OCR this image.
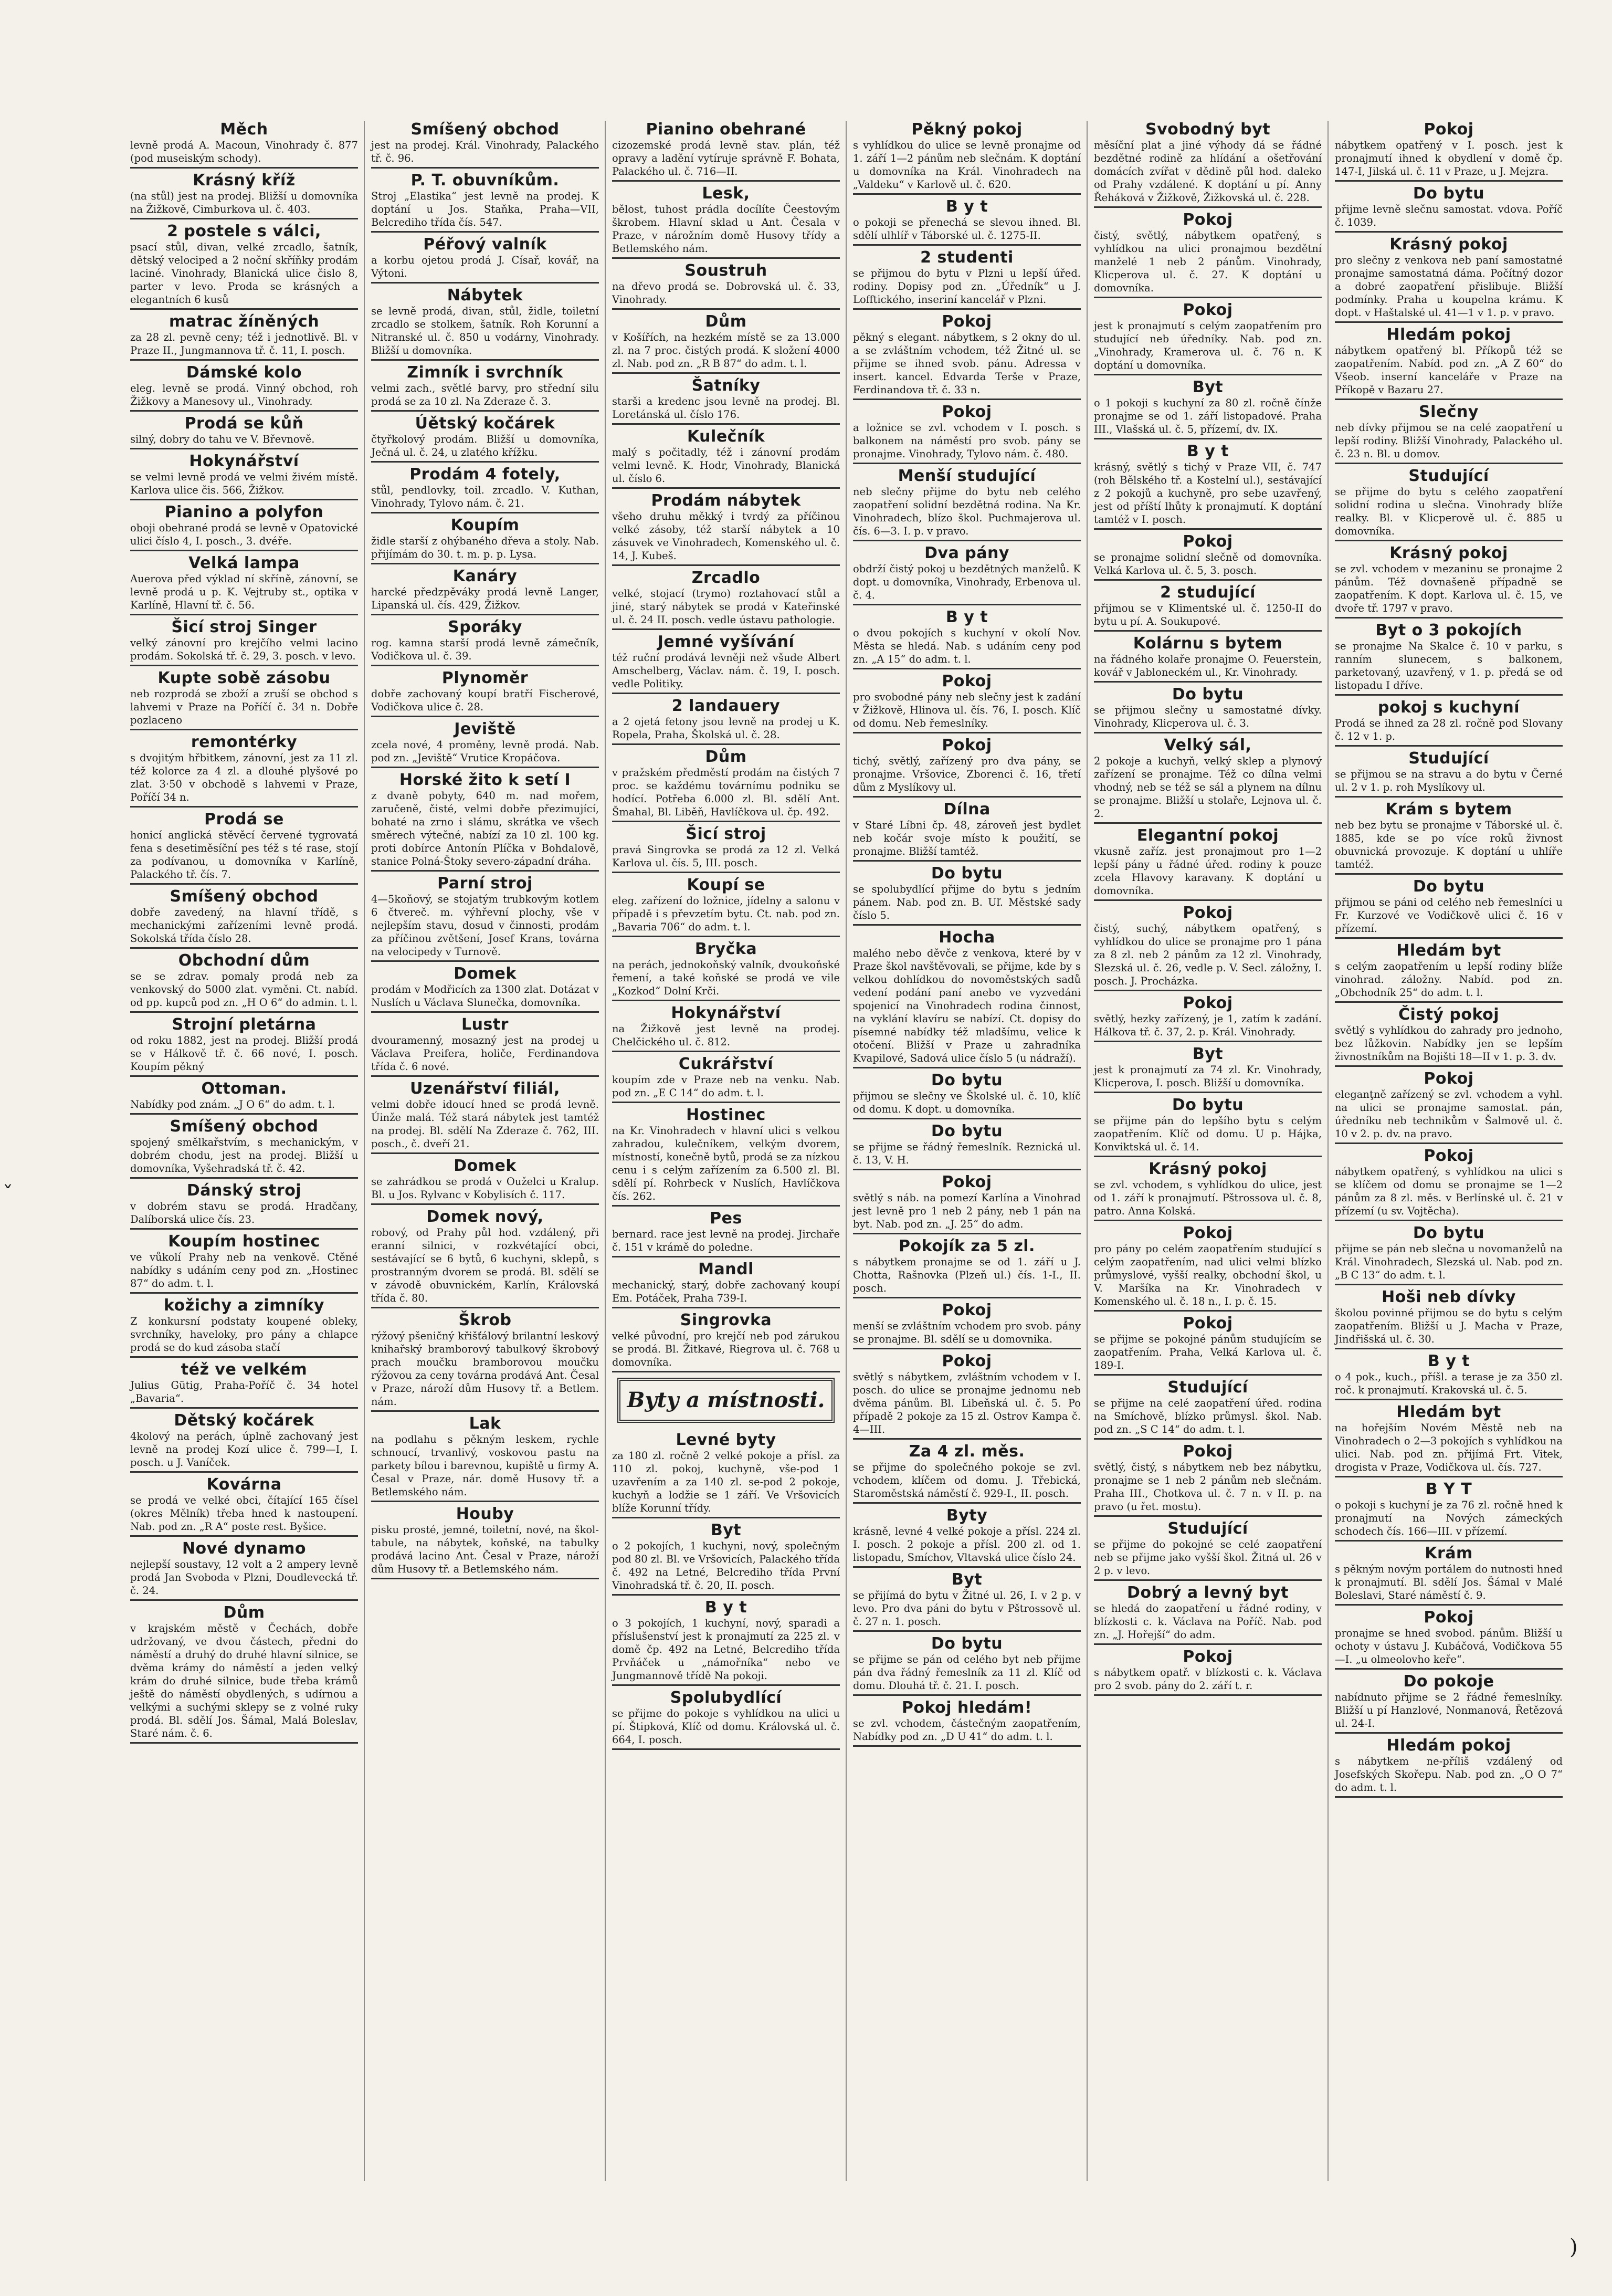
Měch
levně prodá A. Macoun, Vinohrady č. 877 (pod museiským schody).
Krásný kříž
(na stůl) jest na prodej. Bližší u domovníka na Žižkově, Cimburkova ul. č. 403.
2 postele s válci,
psací stůl, divan, velké zrcadlo, šatník, dětský velociped a 2 noční skříňky prodám laciné. Vinohrady, Blanická ulice čislo 8, parter v levo. Proda se krásných a elegantních 6 kusů
matrac žíněných
za 28 zl. pevně ceny; též i jednotlivě. Bl. v Praze II., Jungmannova tř. č. 11, I. posch.
Dámské kolo
eleg. levně se prodá. Vinný obchod, roh Žižkovy a Manesovy ul., Vinohrady.
Prodá se kůň
silný, dobry do tahu ve V. Břevnově.
Hokynářství
se velmi levně prodá ve velmi živém místě. Karlova ulice čis. 566, Žižkov.
Pianino a polyfon
oboji obehrané prodá se levně v Opatovické ulici číslo 4, I. posch., 3. dvéře.
Velká lampa
Auerova před výklad ní skříně, zánovní, se levně prodá u p. K. Vejtruby st., optika v Karlíně, Hlavní tř. č. 56.
Šicí stroj Singer
velký zánovní pro krejčího velmi lacino prodám. Sokolská tř. č. 29, 3. posch. v levo.
Kupte sobě zásobu
neb rozprodá se zboží a zruší se obchod s lahvemi v Praze na Poříčí č. 34 n. Dobře pozlaceno
remontérky
s dvojitým hřbitkem, zánovní, jest za 11 zl. též kolorce za 4 zl. a dlouhé plyšové po zlat. 3·50 v obchodě s lahvemi v Praze, Poříčí 34 n.
Prodá se
honicí anglická stěvěcí červené tygrovatá fena s desetiměsíční pes též s té rase, stojí za podívanou, u domovníka v Karlíně, Palackého tř. čís. 7.
Smíšený obchod
dobře zavedený, na hlavní třídě, s mechanickými zařízeními levně prodá. Sokolská třída číslo 28.
Obchodní dům
se se zdrav. pomaly prodá neb za venkovský do 5000 zlat. vyměni. Ct. nabíd. od pp. kupců pod zn. „H O 6“ do admin. t. l.
Strojní pletárna
od roku 1882, jest na prodej. Bližší prodá se v Hálkově tř. č. 66 nové, I. posch. Koupím pěkný
Ottoman.
Nabídky pod znám. „J O 6“ do adm. t. l.
Smíšený obchod
spojený smělkařstvím, s mechanickým, v dobrém chodu, jest na prodej. Bližší u domovníka, Vyšehradská tř. č. 42.
Dánský stroj
v dobrém stavu se prodá. Hradčany, Dalíborská ulice čís. 23.
Koupím hostinec
ve vůkolí Prahy neb na venkově. Ctěné nabídky s udáním ceny pod zn. „Hostinec 87“ do adm. t. l.
kožichy a zimníky
Z konkursní podstaty koupené obleky, svrchníky, haveloky, pro pány a chlapce prodá se do kud zásoba stačí
též ve velkém
Julius Gütig, Praha-Poříč č. 34 hotel „Bavaria“.
Dětský kočárek
4kolový na perách, úplně zachovaný jest levně na prodej Kozí ulice č. 799—I, I. posch. u J. Vaníček.
Kovárna
se prodá ve velké obci, čítající 165 čísel (okres Mělník) třeba hned k nastoupení. Nab. pod zn. „R A“ poste rest. Byšice.
Nové dynamo
nejlepší soustavy, 12 volt a 2 ampery levně prodá Jan Svoboda v Plzni, Doudlevecká tř. č. 24.
Dům
v krajském městě v Čechách, dobře udržovaný, ve dvou částech, předni do náměstí a druhý do druhé hlavní silnice, se dvěma krámy do náměstí a jeden velký krám do druhé silnice, bude třeba krámů ještě do náměstí obydlených, s udírnou a velkými a suchými sklepy se z volné ruky prodá. Bl. sdělí Jos. Šámal, Malá Boleslav, Staré nám. č. 6.
Smíšený obchod
jest na prodej. Král. Vinohrady, Palackého tř. č. 96.
P. T. obuvníkům.
Stroj „Elastika“ jest levně na prodej. K doptání u Jos. Staňka, Praha—VII, Belcrediho třída čís. 547.
Péřový valník
a korbu ojetou prodá J. Císař, kovář, na Výtoni.
Nábytek
se levně prodá, divan, stůl, židle, toiletní zrcadlo se stolkem, šatník. Roh Korunní a Nitranské ul. č. 850 u vodárny, Vinohrady. Bližší u domovníka.
Zimník i svrchník
velmi zach., světlé barvy, pro střední silu prodá se za 10 zl. Na Zderaze č. 3.
Úětský kočárek
čtyřkolový prodám. Bližší u domovníka, Ječná ul. č. 24, u zlatého křížku.
Prodám 4 fotely,
stůl, pendlovky, toil. zrcadlo. V. Kuthan, Vinohrady, Tylovo nám. č. 21.
Koupím
židle starší z ohýbaného dřeva a stoly. Nab. přijímám do 30. t. m. p. p. Lysa.
Kanáry
harcké předzpěváky prodá levně Langer, Lipanská ul. čís. 429, Žižkov.
Sporáky
rog. kamna starší prodá levně zámečník, Vodičkova ul. č. 39.
Plynoměr
dobře zachovaný koupí bratří Fischerové, Vodičkova ulice č. 28.
Jeviště
zcela nové, 4 proměny, levně prodá. Nab. pod zn. „Jeviště“ Vrutice Kropáčova.
Horské žito k setí I
z dvaně pobyty, 640 m. nad mořem, zaručeně, čisté, velmi dobře přezimující, bohaté na zrno i slámu, skrátka ve všech směrech výtečné, nabízí za 10 zl. 100 kg. proti dobírce Antonín Plíčka v Bohdalově, stanice Polná-Štoky severo-západní dráha.
Parní stroj
4—5koňový, se stojatým trubkovým kotlem 6 čtvereč. m. výhřevní plochy, vše v nejlepším stavu, dosud v činnosti, prodám za příčinou zvětšení, Josef Krans, továrna na velocipedy v Turnově.
Domek
prodám v Modřicích za 1300 zlat. Dotázat v Nuslích u Václava Slunečka, domovníka.
Lustr
dvouramenný, mosazný jest na prodej u Václava Preifera, holiče, Ferdinandova třída č. 6 nové.
Uzenářství filiál,
velmi dobře idoucí hned se prodá levně. Úinže malá. Též stará nábytek jest tamtéž na prodej. Bl. sdělí Na Zderaze č. 762, III. posch., č. dveří 21.
Domek
se zahrádkou se prodá v Ouželci u Kralup. Bl. u Jos. Rylvanc v Kobylisích č. 117.
Domek nový,
robový, od Prahy půl hod. vzdálený, při eranní silnici, v rozkvétající obci, sestávající se 6 bytů, 6 kuchyni, sklepů, s prostranným dvorem se prodá. Bl. sdělí se v závodě obuvnickém, Karlín, Královská třída č. 80.
Škrob
rýžový pšeničný křišťálový brilantní leskový knihařský bramborový tabulkový škrobový prach moučku bramborovou moučku rýžovou za ceny továrna prodává Ant. Česal v Praze, nároží dům Husovy tř. a Betlem. nám.
Lak
na podlahu s pěkným leskem, rychle schnoucí, trvanlivý, voskovou pastu na parkety bílou i barevnou, kupiště u firmy A. Česal v Praze, nár. domě Husovy tř. a Betlemského nám.
Houby
pisku prosté, jemné, toiletní, nové, na škol-tabule, na nábytek, koňské, na tabulky prodává lacino Ant. Česal v Praze, nároží dům Husovy tř. a Betlemského nám.
Pianino obehrané
cizozemské prodá levně stav. plán, též opravy a ladění vytíruje správně F. Bohata, Palackého ul. č. 716—II.
Lesk,
bělost, tuhost prádla docílíte Čeestovým škrobem. Hlavní sklad u Ant. Česala v Praze, v nárožním domě Husovy třídy a Betlemského nám.
Soustruh
na dřevo prodá se. Dobrovská ul. č. 33, Vinohrady.
Dům
v Košířích, na hezkém místě se za 13.000 zl. na 7 proc. čistých prodá. K složení 4000 zl. Nab. pod zn. „R B 87“ do adm. t. l.
Šatníky
starši a kredenc jsou levně na prodej. Bl. Loretánská ul. číslo 176.
Kulečník
malý s počitadly, též i zánovní prodám velmi levně. K. Hodr, Vinohrady, Blanická ul. číslo 6.
Prodám nábytek
všeho druhu měkký i tvrdý za příčinou velké zásoby, též starší nábytek a 10 zásuvek ve Vinohradech, Komenského ul. č. 14, J. Kubeš.
Zrcadlo
velké, stojací (trymo) roztahovací stůl a jiné, starý nábytek se prodá v Kateřinské ul. č. 24 II. posch. vedle ústavu pathologie.
Jemné vyšívání
též ruční prodává levněji než všude Albert Amschelberg, Václav. nám. č. 19, I. posch. vedle Politiky.
2 landauery
a 2 ojetá fetony jsou levně na prodej u K. Ropela, Praha, Školská ul. č. 28.
Dům
v pražském předměstí prodám na čistých 7 proc. se každému továrnímu podniku se hodící. Potřeba 6.000 zl. Bl. sdělí Ant. Šmahal, Bl. Liběň, Havlíčkova ul. čp. 492.
Šicí stroj
pravá Singrovka se prodá za 12 zl. Velká Karlova ul. čís. 5, III. posch.
Koupí se
eleg. zařízení do ložnice, jídelny a salonu v případě i s převzetím bytu. Ct. nab. pod zn. „Bavaria 706“ do adm. t. l.
Bryčka
na perách, jednokoňský valník, dvoukoňské řemení, a také koňské se prodá ve vile „Kozkod“ Dolní Krči.
Hokynářství
na Žižkově jest levně na prodej. Chelčického ul. č. 812.
Cukrářství
koupím zde v Praze neb na venku. Nab. pod zn. „E C 14“ do adm. t. l.
Hostinec
na Kr. Vinohradech v hlavní ulici s velkou zahradou, kulečníkem, velkým dvorem, místností, konečně bytů, prodá se za nízkou cenu i s celým zařízením za 6.500 zl. Bl. sdělí pí. Rohrbeck v Nuslích, Havlíčkova čís. 262.
Pes
bernard. race jest levně na prodej. Jirchaře č. 151 v krámě do poledne.
Mandl
mechanický, starý, dobře zachovaný koupí Em. Potáček, Praha 739-I.
Singrovka
velké původní, pro krejčí neb pod zárukou se prodá. Bl. Žitkavé, Riegrova ul. č. 768 u domovníka.
Byty a místnosti.
Levné byty
za 180 zl. ročně 2 velké pokoje a přísl. za 110 zl. pokoj, kuchyně, vše-pod 1 uzavřením a za 140 zl. se-pod 2 pokoje, kuchyň a lodžie se 1 září. Ve Vršovicích blíže Korunní třídy.
Byt
o 2 pokojích, 1 kuchyni, nový, společným pod 80 zl. Bl. ve Vršovicích, Palackého třída č. 492 na Letné, Belcrediho třída První Vinohradská tř. č. 20, II. posch.
B y t
o 3 pokojích, 1 kuchyní, nový, sparadi a příslušenství jest k pronajmutí za 225 zl. v domě čp. 492 na Letné, Belcrediho třída Prvňáček u „námořníka“ nebo ve Jungmannově třídě Na pokoji.
Spolubydlící
se přijme do pokoje s vyhlídkou na ulici u pí. Štipková, Klíč od domu. Královská ul. č. 664, I. posch.
Pěkný pokoj
s vyhlídkou do ulice se levně pronajme od 1. září 1—2 pánům neb slečnám. K doptání u domovníka na Král. Vinohradech na „Valdeku“ v Karlově ul. č. 620.
B y t
o pokoji se přenechá se slevou ihned. Bl. sdělí ulhlíř v Táborské ul. č. 1275-II.
2 studenti
se přijmou do bytu v Plzni u lepší úřed. rodiny. Dopisy pod zn. „Úředník“ u J. Lofftického, inseriní kancelář v Plzni.
Pokoj
pěkný s elegant. nábytkem, s 2 okny do ul. a se zvláštním vchodem, též Žitné ul. se přijme se ihned svob. pánu. Adressa v insert. kancel. Edvarda Terše v Praze, Ferdinandova tř. č. 33 n.
Pokoj
a ložnice se zvl. vchodem v I. posch. s balkonem na náměstí pro svob. pány se pronajme. Vinohrady, Tylovo nám. č. 480.
Menší studující
neb slečny přijme do bytu neb celého zaopatření solidní bezdětná rodina. Na Kr. Vinohradech, blízo škol. Puchmajerova ul. čís. 6—3. I. p. v pravo.
Dva pány
obdrží čistý pokoj u bezdětných manželů. K dopt. u domovníka, Vinohrady, Erbenova ul. č. 4.
B y t
o dvou pokojích s kuchyní v okolí Nov. Města se hledá. Nab. s udáním ceny pod zn. „A 15“ do adm. t. l.
Pokoj
pro svobodné pány neb slečny jest k zadání v Žižkově, Hlinova ul. čís. 76, I. posch. Klíč od domu. Neb řemeslníky.
Pokoj
tichý, světlý, zařízený pro dva pány, se pronajme. Vršovice, Zborenci č. 16, třetí dům z Myslíkovy ul.
Dílna
v Staré Líbni čp. 48, zároveň jest bydlet neb kočár svoje místo k použití, se pronajme. Bližší tamtéž.
Do bytu
se spolubydlící přijme do bytu s jedním pánem. Nab. pod zn. B. Uľ. Městské sady číslo 5.
Hocha
malého nebo děvče z venkova, které by v Praze škol navštěvovali, se přijme, kde by s velkou dohlídkou do novoměstských sadů vedení podání paní anebo ve vyzvedáni spojenicí na Vinohradech rodina činnost, na vyklání klavíru se nabízí. Ct. dopisy do písemné nabídky též mladšímu, velice k otočení. Bližší v Praze u zahradníka Kvapilové, Sadová ulice číslo 5 (u nádraží).
Do bytu
přijmou se slečny ve Školské ul. č. 10, klíč od domu. K dopt. u domovníka.
Do bytu
se přijme se řádný řemeslník. Reznická ul. č. 13, V. H.
Pokoj
světlý s náb. na pomezí Karlína a Vinohrad jest levně pro 1 neb 2 pány, neb 1 pán na byt. Nab. pod zn. „J. 25“ do adm.
Pokojík za 5 zl.
s nábytkem pronajme se od 1. září u J. Chotta, Rašnovka (Plzeň ul.) čís. 1-I., II. posch.
Pokoj
menší se zvláštním vchodem pro svob. pány se pronajme. Bl. sdělí se u domovnika.
Pokoj
světlý s nábytkem, zvláštním vchodem v I. posch. do ulice se pronajme jednomu neb dvěma pánům. Bl. Libeňská ul. č. 5. Po případě 2 pokoje za 15 zl. Ostrov Kampa č. 4—III.
Za 4 zl. měs.
se přijme do společného pokoje se zvl. vchodem, klíčem od domu. J. Třebická, Staroměstská náměstí č. 929-I., II. posch.
Byty
krásně, levné 4 velké pokoje a přísl. 224 zl. I. posch. 2 pokoje a přísl. 200 zl. od 1. listopadu, Smíchov, Vltavská ulice číslo 24.
Byt
se přijímá do bytu v Žitné ul. 26, I. v 2 p. v levo. Pro dva páni do bytu v Pštrossově ul. č. 27 n. 1. posch.
Do bytu
se přijme se pán od celého byt neb přijme pán dva řádný řemeslník za 11 zl. Klíč od domu. Dlouhá tř. č. 21. I. posch.
Pokoj hledám!
se zvl. vchodem, částečným zaopatřením, Nabídky pod zn. „D U 41“ do adm. t. l.
Svobodný byt
měsíční plat a jiné výhody dá se řádné bezdětné rodině za hlídání a ošetřování domácích zvířat v dědině půl hod. daleko od Prahy vzdálené. K doptání u pí. Anny Řeháková v Žižkově, Žižkovská ul. č. 228.
Pokoj
čistý, světlý, nábytkem opatřený, s vyhlídkou na ulici pronajmou bezdětní manželé 1 neb 2 pánům. Vinohrady, Klicperova ul. č. 27. K doptání u domovníka.
Pokoj
jest k pronajmutí s celým zaopatřením pro studující neb úředníky. Nab. pod zn. „Vinohrady, Kramerova ul. č. 76 n. K doptání u domovníka.
Byt
o 1 pokoji s kuchyní za 80 zl. ročně čínže pronajme se od 1. září listopadové. Praha III., Vlašská ul. č. 5, přízemí, dv. IX.
B y t
krásný, světlý s tichý v Praze VII, č. 747 (roh Bělského tř. a Kostelní ul.), sestávající z 2 pokojů a kuchyně, pro sebe uzavřený, jest od příští lhůty k pronajmutí. K doptání tamtéž v I. posch.
Pokoj
se pronajme solidní slečně od domovníka. Velká Karlova ul. č. 5, 3. posch.
2 studující
přijmou se v Klimentské ul. č. 1250-II do bytu u pí. A. Soukupové.
Kolárnu s bytem
na řádného kolaře pronajme O. Feuerstein, kovář v Jabloneckém ul., Kr. Vinohrady.
Do bytu
se přijmou slečny u samostatné dívky. Vinohrady, Klicperova ul. č. 3.
Velký sál,
2 pokoje a kuchyň, velký sklep a plynový zařízení se pronajme. Též co dílna velmi vhodný, neb se též se sál a plynem na dílnu se pronajme. Bližší u stolaře, Lejnova ul. č. 2.
Elegantní pokoj
vkusně zaříz. jest pronajmout pro 1—2 lepší pány u řádné úřed. rodiny k pouze zcela Hlavovy karavany. K doptání u domovníka.
Pokoj
čistý, suchý, nábytkem opatřený, s vyhlídkou do ulice se pronajme pro 1 pána za 8 zl. neb 2 pánům za 12 zl. Vinohrady, Slezská ul. č. 26, vedle p. V. Secl. záložny, I. posch. J. Procházka.
Pokoj
světlý, hezky zařízený, je 1, zatím k zadání. Hálkova tř. č. 37, 2. p. Král. Vinohrady.
Byt
jest k pronajmutí za 74 zl. Kr. Vinohrady, Klicperova, I. posch. Bližší u domovníka.
Do bytu
se přijme pán do lepšího bytu s celým zaopatřením. Klíč od domu. U p. Hájka, Konviktská ul. č. 14.
Krásný pokoj
se zvl. vchodem, s vyhlídkou do ulice, jest od 1. září k pronajmutí. Pštrossova ul. č. 8, patro. Anna Kolská.
Pokoj
pro pány po celém zaopatřením studující s celým zaopatřením, nad ulici velmi blízko průmyslové, vyšší realky, obchodní škol, u V. Maršíka na Kr. Vinohradech v Komenského ul. č. 18 n., I. p. č. 15.
Pokoj
se přijme se pokojné pánům studujícím se zaopatřením. Praha, Velká Karlova ul. č. 189-I.
Studující
se přijme na celé zaopatření úřed. rodina na Smíchově, blízko průmysl. škol. Nab. pod zn. „S C 14“ do adm. t. l.
Pokoj
světlý, čistý, s nábytkem neb bez nábytku, pronajme se 1 neb 2 pánům neb slečnám. Praha III., Chotkova ul. č. 7 n. v II. p. na pravo (u řet. mostu).
Studující
se přijme do pokojné se celé zaopatření neb se přijme jako vyšší škol. Žitná ul. 26 v 2 p. v levo.
Dobrý a levný byt
se hledá do zaopatření u řádné rodiny, v blízkosti c. k. Václava na Poříč. Nab. pod zn. „J. Hořejší“ do adm.
Pokoj
s nábytkem opatř. v blízkosti c. k. Václava pro 2 svob. pány do 2. září t. r.
Pokoj
nábytkem opatřený v I. posch. jest k pronajmutí ihned k obydlení v domě čp. 147-I, Jilská ul. č. 11 v Praze, u J. Mejzra.
Do bytu
přijme levně slečnu samostat. vdova. Poříč č. 1039.
Krásný pokoj
pro slečny z venkova neb paní samostatné pronajme samostatná dáma. Počítný dozor a dobré zaopatření přislibuje. Bližší podmínky. Praha u koupelna krámu. K dopt. v Haštalské ul. 41—1 v 1. p. v pravo.
Hledám pokoj
nábytkem opatřený bl. Příkopů též se zaopatřením. Nabíd. pod zn. „A Z 60“ do Všeob. inserní kanceláře v Praze na Příkopě v Bazaru 27.
Slečny
neb dívky přijmou se na celé zaopatření u lepší rodiny. Bližší Vinohrady, Palackého ul. č. 23 n. Bl. u domov.
Studující
se přijme do bytu s celého zaopatření solidní rodina u slečna. Vinohrady blíže realky. Bl. v Klicperově ul. č. 885 u domovníka.
Krásný pokoj
se zvl. vchodem v mezaninu se pronajme 2 pánům. Též dovnašeně případně se zaopatřením. K dopt. Karlova ul. č. 15, ve dvoře tř. 1797 v pravo.
Byt o 3 pokojích
se pronajme Na Skalce č. 10 v parku, s ranním slunecem, s balkonem, parketovaný, uzavřený, v 1. p. předá se od listopadu I dříve.
pokoj s kuchyní
Prodá se ihned za 28 zl. ročně pod Slovany č. 12 v 1. p.
Studující
se přijmou se na stravu a do bytu v Černé ul. 2 v 1. p. roh Myslíkovy ul.
Krám s bytem
neb bez bytu se pronajme v Táborské ul. č. 1885, kde se po více roků živnost obuvnická provozuje. K doptání u uhlíře tamtéž.
Do bytu
přijmou se páni od celého neb řemeslníci u Fr. Kurzové ve Vodičkově ulici č. 16 v přízemí.
Hledám byt
s celým zaopatřením u lepší rodiny blíže vinohrad. záložny. Nabíd. pod zn. „Obchodník 25“ do adm. t. l.
Čistý pokoj
světlý s vyhlídkou do zahrady pro jednoho, bez lůžkovin. Nabídky jen se lepším živnostníkům na Bojišti 18—II v 1. p. 3. dv.
Pokoj
eleganţně zařízený se zvl. vchodem a vyhl. na ulici se pronajme samostat. pán, úředníku neb technikům v Šalmově ul. č. 10 v 2. p. dv. na pravo.
Pokoj
nábytkem opatřený, s vyhlídkou na ulici s se klíčem od domu se pronajme se 1—2 pánům za 8 zl. měs. v Berlínské ul. č. 21 v přízemí (u sv. Vojtěcha).
Do bytu
přijme se pán neb slečna u novomanželů na Král. Vinohradech, Slezská ul. Nab. pod zn. „B C 13“ do adm. t. l.
Hoši neb dívky
školou povinné přijmou se do bytu s celým zaopatřením. Bližší u J. Macha v Praze, Jindřišská ul. č. 30.
B y t
o 4 pok., kuch., příšl. a terase je za 350 zl. roč. k pronajmutí. Krakovská ul. č. 5.
Hledám byt
na hořejším Novém Městě neb na Vinohradech o 2—3 pokojích s vyhlídkou na ulici. Nab. pod zn. přijímá Frt. Vitek, drogista v Praze, Vodičkova ul. čís. 727.
B Y T
o pokoji s kuchyní je za 76 zl. ročně hned k pronajmutí na Nových zámeckých schodech čís. 166—III. v přízemí.
Krám
s pěkným novým portálem do nutnosti hned k pronajmutí. Bl. sdělí Jos. Šámal v Malé Boleslavi, Staré náměstí č. 9.
Pokoj
pronajme se hned svobod. pánům. Bližší u ochoty v ústavu J. Kubáčová, Vodičkova 55—I. „u olmeolovho keře“.
Do pokoje
nabídnuto přijme se 2 řádné řemeslníky. Bližší u pí Hanzlové, Nonmanová, Řetězová ul. 24-I.
Hledám pokoj
s nábytkem ne-příliš vzdálený od Josefských Skořepu. Nab. pod zn. „O O 7“ do adm. t. l.
ˇ
)
